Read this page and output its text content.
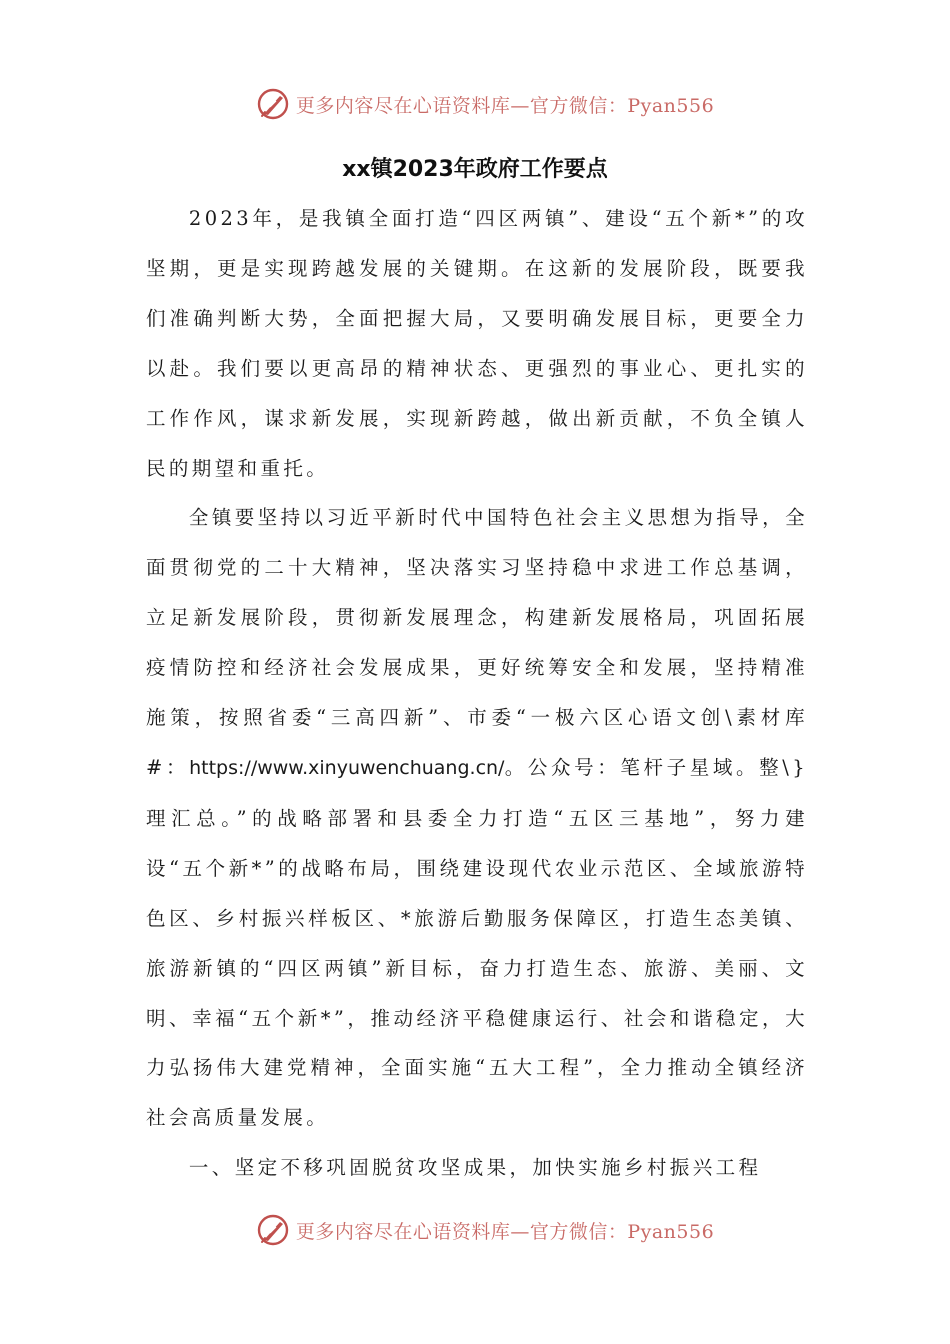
更多内容尽在心语资料库—官方微信：Pyan556
xx镇2023年政府工作要点

2023年，是我镇全面打造“四区两镇”、建设“五个新*”的攻坚期，更是实现跨越发展的关键期。在这新的发展阶段，既要我们准确判断大势，全面把握大局，又要明确发展目标，更要全力以赴。我们要以更高昂的精神状态、更强烈的事业心、更扎实的工作作风，谋求新发展，实现新跨越，做出新贡献，不负全镇人民的期望和重托。

全镇要坚持以习近平新时代中国特色社会主义思想为指导，全面贯彻党的二十大精神，坚决落实习坚持稳中求进工作总基调，立足新发展阶段，贯彻新发展理念，构建新发展格局，巩固拓展疫情防控和经济社会发展成果，更好统筹安全和发展，坚持精准施策，按照省委“三高四新”、市委“一极六区心语文创\素材库#：https://www.xinyuwenchuang.cn/。公众号：笔杆子星域。整\}理汇总。”的战略部署和县委全力打造“五区三基地”，努力建设“五个新*”的战略布局，围绕建设现代农业示范区、全域旅游特色区、乡村振兴样板区、*旅游后勤服务保障区，打造生态美镇、旅游新镇的“四区两镇”新目标，奋力打造生态、旅游、美丽、文明、幸福“五个新*”，推动经济平稳健康运行、社会和谐稳定，大力弘扬伟大建党精神，全面实施“五大工程”，全力推动全镇经济社会高质量发展。

一、坚定不移巩固脱贫攻坚成果，加快实施乡村振兴工程

更多内容尽在心语资料库—官方微信：Pyan556
